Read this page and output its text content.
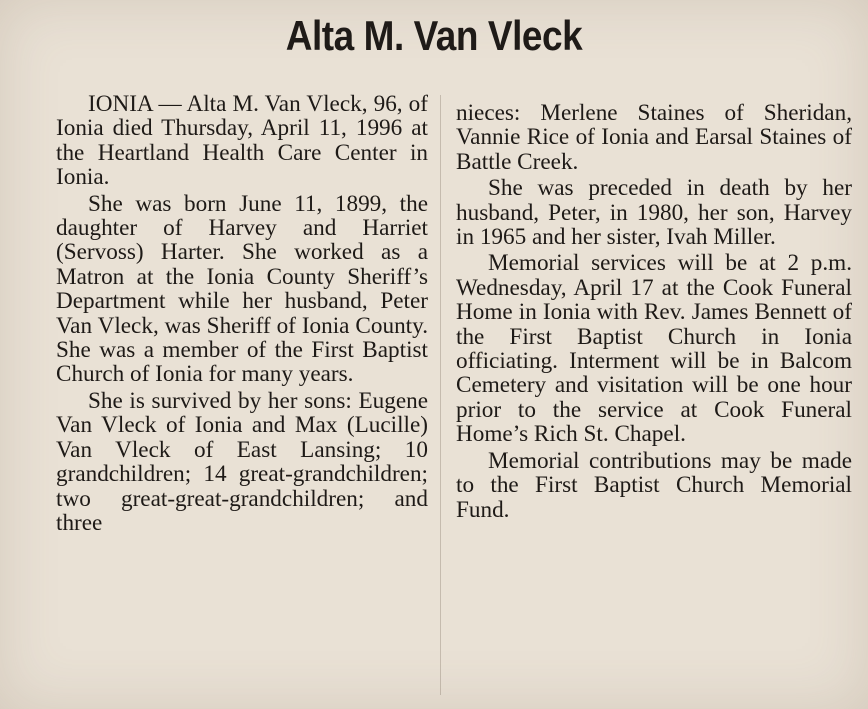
Alta M. Van Vleck

IONIA — Alta M. Van Vleck, 96, of Ionia died Thursday, April 11, 1996 at the Heartland Health Care Center in Ionia.

She was born June 11, 1899, the daughter of Harvey and Harriet (Servoss) Harter. She worked as a Matron at the Ionia County Sheriff’s Department while her husband, Peter Van Vleck, was Sheriff of Ionia County. She was a member of the First Baptist Church of Ionia for many years.

She is survived by her sons: Eugene Van Vleck of Ionia and Max (Lucille) Van Vleck of East Lansing; 10 grandchildren; 14 great-grandchildren; two great-great-grandchildren; and three

nieces: Merlene Staines of Sheridan, Vannie Rice of Ionia and Earsal Staines of Battle Creek.

She was preceded in death by her husband, Peter, in 1980, her son, Harvey in 1965 and her sister, Ivah Miller.

Memorial services will be at 2 p.m. Wednesday, April 17 at the Cook Funeral Home in Ionia with Rev. James Bennett of the First Baptist Church in Ionia officiating. Interment will be in Balcom Cemetery and visitation will be one hour prior to the service at Cook Funeral Home’s Rich St. Chapel.

Memorial contributions may be made to the First Baptist Church Memorial Fund.
